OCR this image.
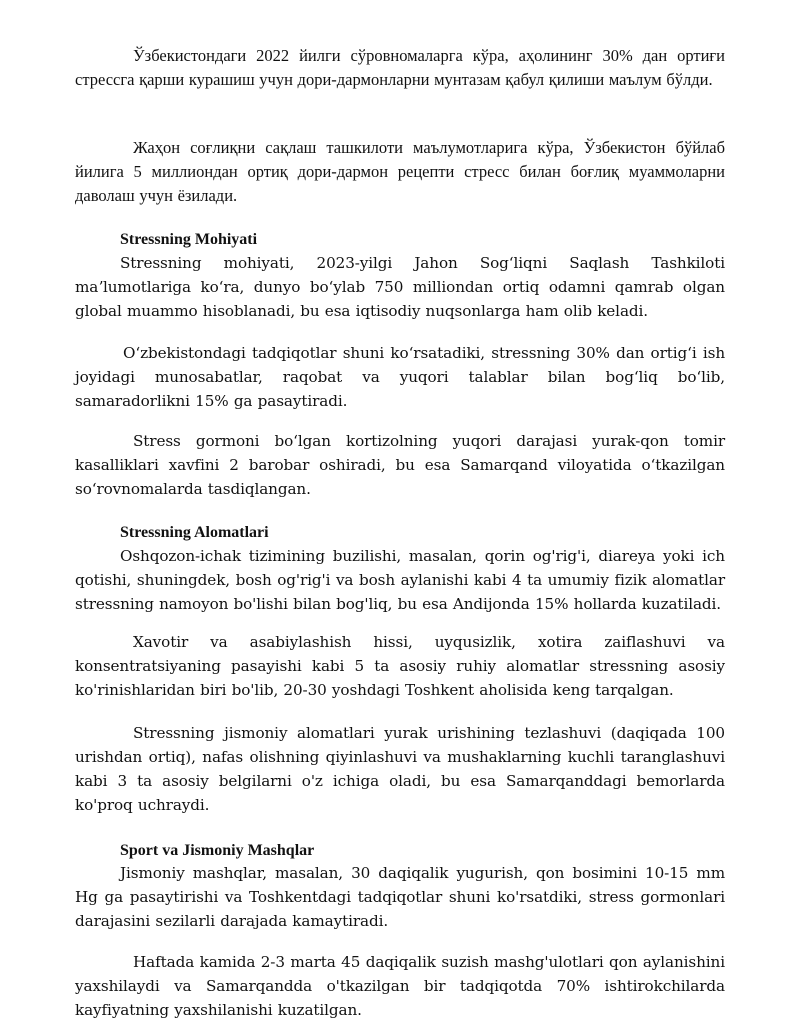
Ўзбекистондаги 2022 йилги сўровномаларга кўра, аҳолининг 30% дан ортиғи стрессга қарши курашиш учун дори-дармонларни мунтазам қабул қилиши маълум бўлди.

Жаҳон соғлиқни сақлаш ташкилоти маълумотларига кўра, Ўзбекистон бўйлаб йилига 5 миллиондан ортиқ дори-дармон рецепти стресс билан боғлиқ муаммоларни даволаш учун ёзилади.

Stressning Mohiyati

Stressning mohiyati, 2023-yilgi Jahon Sogʻliqni Saqlash Tashkiloti maʼlumotlariga koʻra, dunyo boʻylab 750 milliondan ortiq odamni qamrab olgan global muammo hisoblanadi, bu esa iqtisodiy nuqsonlarga ham olib keladi.

Oʻzbekistondagi tadqiqotlar shuni koʻrsatadiki, stressning 30% dan ortigʻi ish joyidagi munosabatlar, raqobat va yuqori talablar bilan bogʻliq boʻlib, samaradorlikni 15% ga pasaytiradi.

Stress gormoni boʻlgan kortizolning yuqori darajasi yurak-qon tomir kasalliklari xavfini 2 barobar oshiradi, bu esa Samarqand viloyatida oʻtkazilgan soʻrovnomalarda tasdiqlangan.

Stressning Alomatlari

Oshqozon-ichak tizimining buzilishi, masalan, qorin og'rig'i, diareya yoki ich qotishi, shuningdek, bosh og'rig'i va bosh aylanishi kabi 4 ta umumiy fizik alomatlar stressning namoyon bo'lishi bilan bog'liq, bu esa Andijonda 15% hollarda kuzatiladi.

Xavotir va asabiylashish hissi, uyqusizlik, xotira zaiflashuvi va konsentratsiyaning pasayishi kabi 5 ta asosiy ruhiy alomatlar stressning asosiy ko'rinishlaridan biri bo'lib, 20-30 yoshdagi Toshkent aholisida keng tarqalgan.

Stressning jismoniy alomatlari yurak urishining tezlashuvi (daqiqada 100 urishdan ortiq), nafas olishning qiyinlashuvi va mushaklarning kuchli taranglashuvi kabi 3 ta asosiy belgilarni o'z ichiga oladi, bu esa Samarqanddagi bemorlarda ko'proq uchraydi.

Sport va Jismoniy Mashqlar

Jismoniy mashqlar, masalan, 30 daqiqalik yugurish, qon bosimini 10-15 mm Hg ga pasaytirishi va Toshkentdagi tadqiqotlar shuni ko'rsatdiki, stress gormonlari darajasini sezilarli darajada kamaytiradi.

Haftada kamida 2-3 marta 45 daqiqalik suzish mashg'ulotlari qon aylanishini yaxshilaydi va Samarqandda o'tkazilgan bir tadqiqotda 70% ishtirokchilarda kayfiyatning yaxshilanishi kuzatilgan.
